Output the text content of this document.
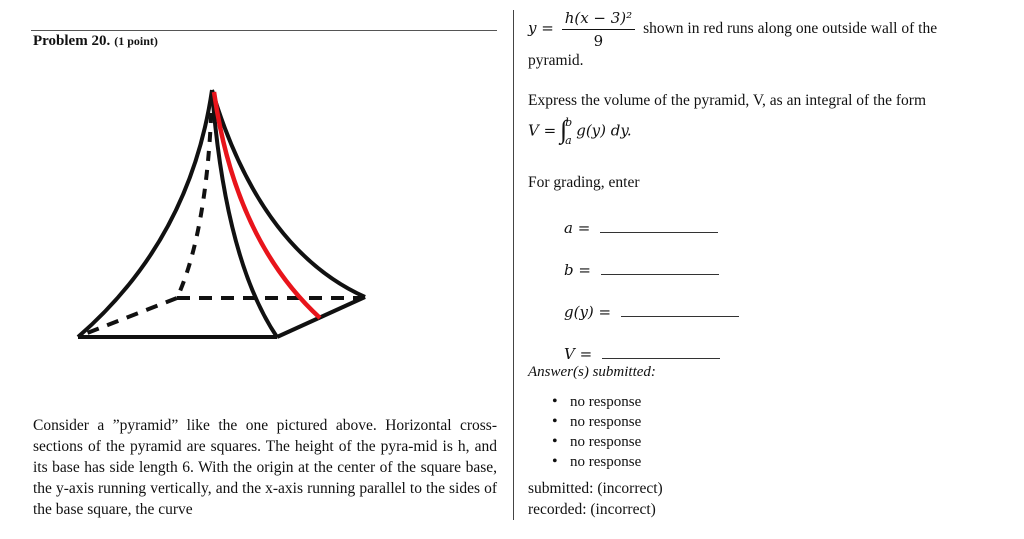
Problem 20. (1 point)
Consider a ”pyramid” like the one pictured above. Horizontal cross-sections of the pyramid are squares. The height of the pyra-mid is h, and its base has side length 6. With the origin at the center of the square base, the y-axis running vertically, and the x-axis running parallel to the sides of the base square, the curve
$y = \frac{\text{h(x − 3)²}}{9}$ shown in red runs along one outside wall of the pyramid.
Express the volume of the pyramid, V, as an integral of the form
V = ∫
b
a
g(y) dy.
For grading, enter
a =
b =
g(y) =
V =
Answer(s) submitted:
• no response
• no response
• no response
• no response
submitted: (incorrect)
recorded: (incorrect)
